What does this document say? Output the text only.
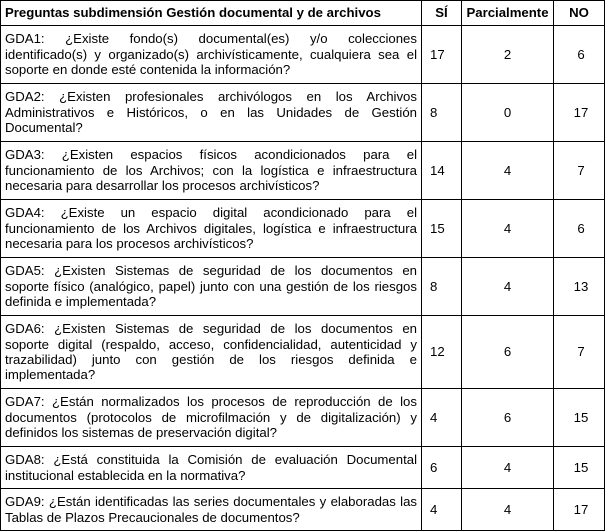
Preguntas subdimensión Gestión documental y de archivos	SÍ	Parcialmente	NO
GDA1: ¿Existe fondo(s) documental(es) y/o colecciones identificado(s) y organizado(s) archivísticamente, cualquiera sea el soporte en donde esté contenida la información?	17	2	6
GDA2: ¿Existen profesionales archivólogos en los Archivos Administrativos e Históricos, o en las Unidades de Gestión Documental?	8	0	17
GDA3: ¿Existen espacios físicos acondicionados para el funcionamiento de los Archivos; con la logística e infraestructura necesaria para desarrollar los procesos archivísticos?	14	4	7
GDA4: ¿Existe un espacio digital acondicionado para el funcionamiento de los Archivos digitales, logística e infraestructura necesaria para los procesos archivísticos?	15	4	6
GDA5: ¿Existen Sistemas de seguridad de los documentos en soporte físico (analógico, papel) junto con una gestión de los riesgos definida e implementada?	8	4	13
GDA6: ¿Existen Sistemas de seguridad de los documentos en soporte digital (respaldo, acceso, confidencialidad, autenticidad y trazabilidad) junto con gestión de los riesgos definida e implementada?	12	6	7
GDA7: ¿Están normalizados los procesos de reproducción de los documentos (protocolos de microfilmación y de digitalización) y definidos los sistemas de preservación digital?	4	6	15
GDA8: ¿Está constituida la Comisión de evaluación Documental institucional establecida en la normativa?	6	4	15
GDA9: ¿Están identificadas las series documentales y elaboradas las Tablas de Plazos Precaucionales de documentos?	4	4	17
